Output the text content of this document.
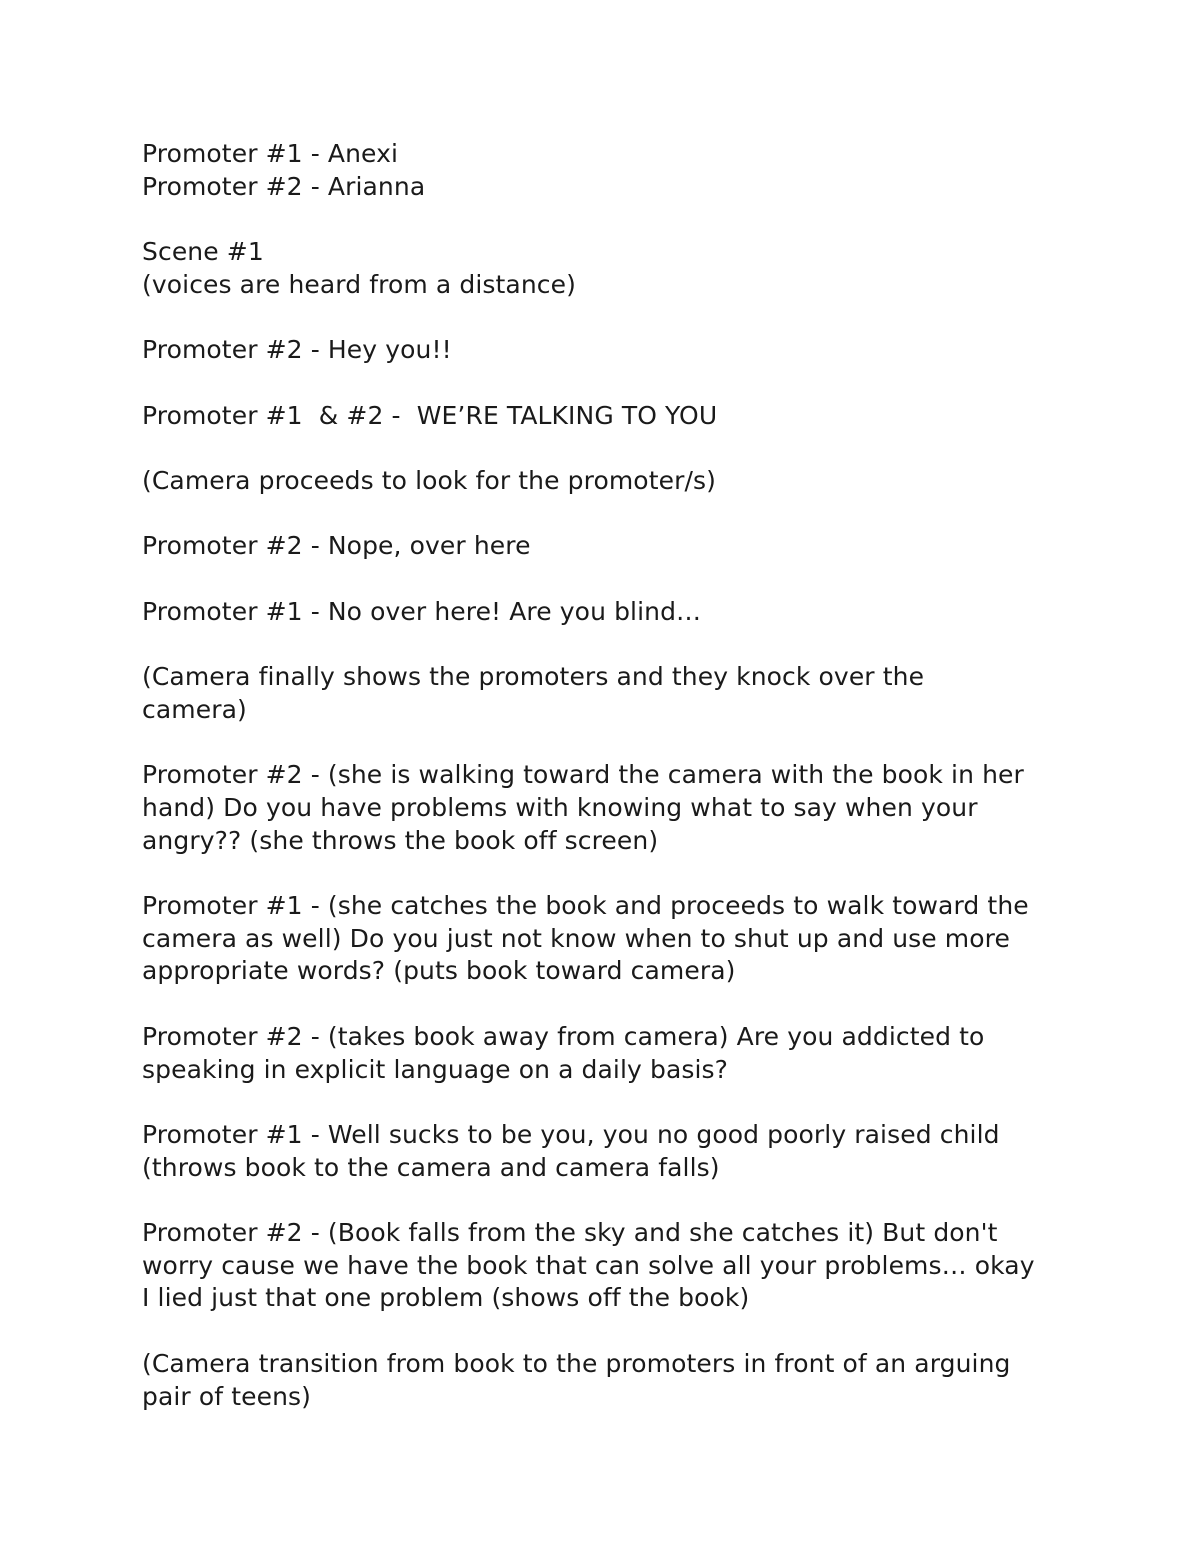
Promoter #1 - Anexi

Promoter #2 - Arianna

Scene #1

(voices are heard from a distance)

Promoter #2 - Hey you!!

Promoter #1  & #2 -  WE’RE TALKING TO YOU

(Camera proceeds to look for the promoter/s)

Promoter #2 - Nope, over here

Promoter #1 - No over here! Are you blind…

(Camera finally shows the promoters and they knock over the

camera)

Promoter #2 - (she is walking toward the camera with the book in her

hand) Do you have problems with knowing what to say when your

angry?? (she throws the book off screen)

Promoter #1 - (she catches the book and proceeds to walk toward the

camera as well) Do you just not know when to shut up and use more

appropriate words? (puts book toward camera)

Promoter #2 - (takes book away from camera) Are you addicted to

speaking in explicit language on a daily basis?

Promoter #1 - Well sucks to be you, you no good poorly raised child

(throws book to the camera and camera falls)

Promoter #2 - (Book falls from the sky and she catches it) But don't

worry cause we have the book that can solve all your problems… okay

I lied just that one problem (shows off the book)

(Camera transition from book to the promoters in front of an arguing

pair of teens)
